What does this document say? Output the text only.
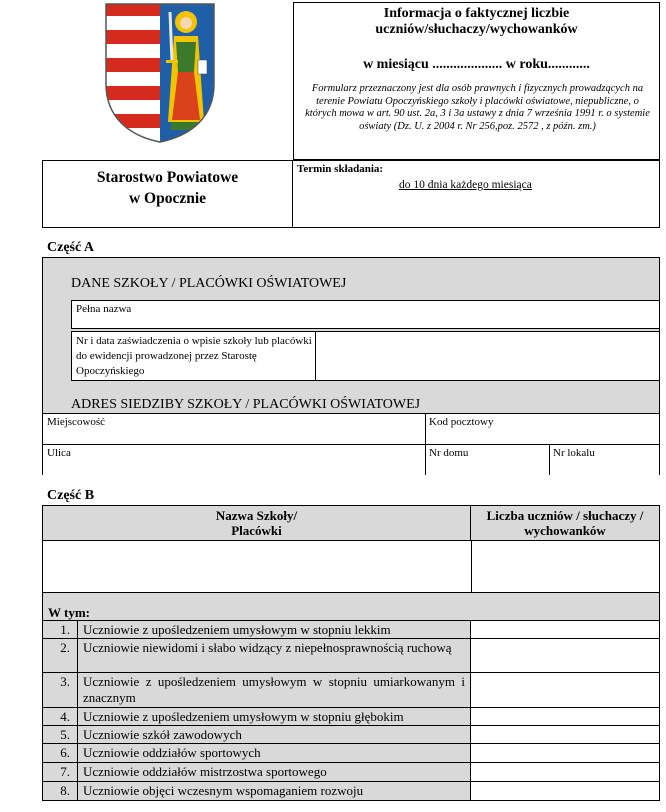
Informacja o faktycznej liczbie
uczniów/słuchaczy/wychowanków
w miesiącu .................... w roku............
Formularz przeznaczony jest dla osób prawnych i fizycznych prowadzących na terenie Powiatu Opoczyńskiego szkoły i placówki oświatowe, niepubliczne, o których mowa w art. 90 ust. 2a, 3 i 3a ustawy z dnia 7 września 1991 r. o systemie oświaty (Dz. U. z 2004 r. Nr 256,poz. 2572 , z późn. zm.)
Starostwo Powiatowe
w Opocznie
Termin składania:
do 10 dnia każdego miesiąca
Część A
DANE SZKOŁY / PLACÓWKI OŚWIATOWEJ
Pełna nazwa
Nr i data zaświadczenia o wpisie szkoły lub placówki do ewidencji prowadzonej przez Starostę Opoczyńskiego
ADRES SIEDZIBY SZKOŁY / PLACÓWKI OŚWIATOWEJ
Miejscowość	Kod pocztowy
Ulica	Nr domu	Nr lokalu
Część B
Nazwa Szkoły/
Placówki
Liczba uczniów / słuchaczy /
wychowanków
W tym:
1.	Uczniowie z upośledzeniem umysłowym w stopniu lekkim
2.	Uczniowie niewidomi i słabo widzący z niepełnosprawnością ruchową
3.	Uczniowie z upośledzeniem umysłowym w stopniu umiarkowanym i znacznym
4.	Uczniowie z upośledzeniem umysłowym w stopniu głębokim
5.	Uczniowie szkół zawodowych
6.	Uczniowie oddziałów sportowych
7.	Uczniowie oddziałów mistrzostwa sportowego
8.	Uczniowie objęci wczesnym wspomaganiem rozwoju
